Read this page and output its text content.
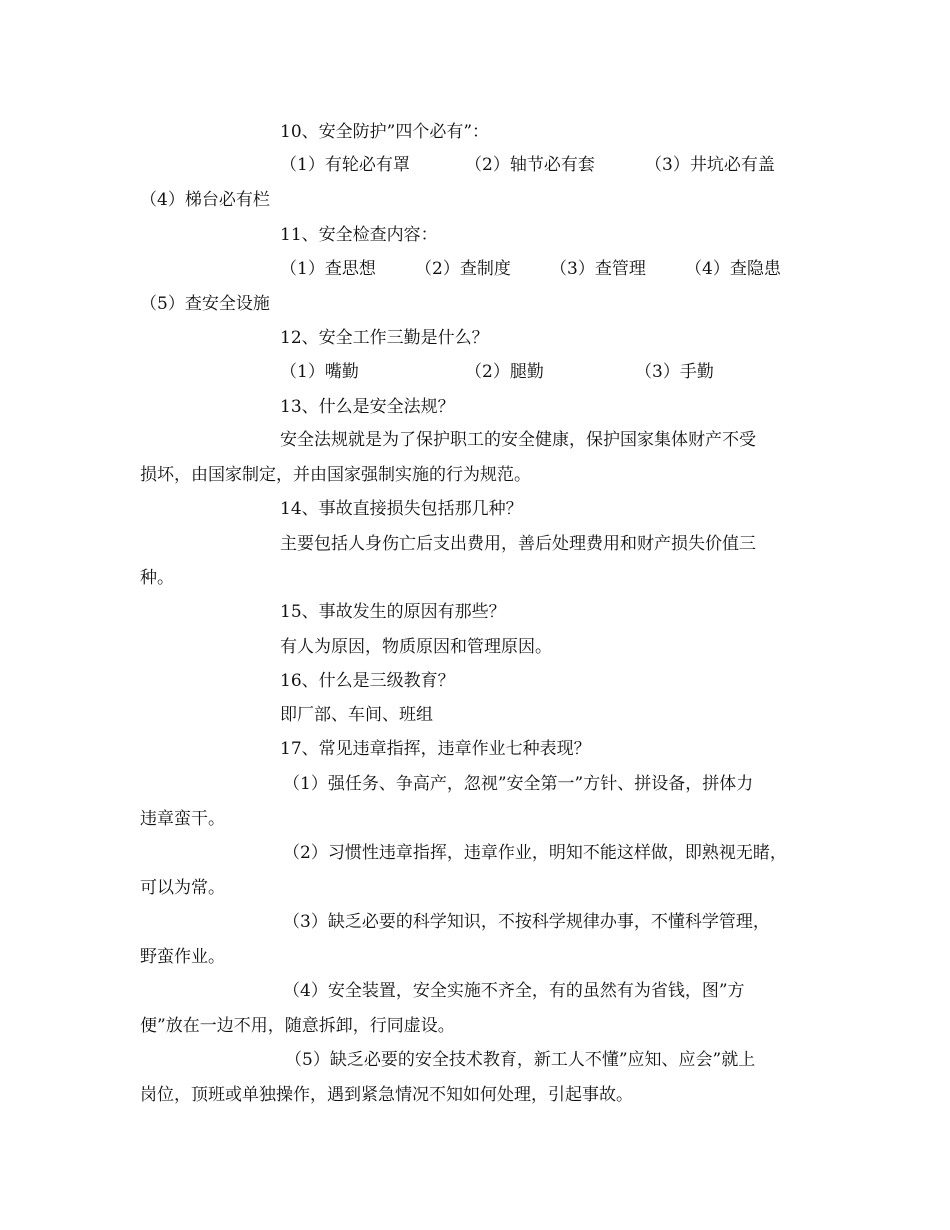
10、安全防护”四个必有”：
（1）有轮必有罩	（2）轴节必有套	（3）井坑必有盖
（4）梯台必有栏
11、安全检查内容：
（1）查思想 （2）查制度 （3）查管理 （4）查隐患
（5）查安全设施
12、安全工作三勤是什么？
（1）嘴勤	（2）腿勤	（3）手勤
13、什么是安全法规？
安全法规就是为了保护职工的安全健康，保护国家集体财产不受
损坏，由国家制定，并由国家强制实施的行为规范。
14、事故直接损失包括那几种？
主要包括人身伤亡后支出费用，善后处理费用和财产损失价值三
种。
15、事故发生的原因有那些？
有人为原因，物质原因和管理原因。
16、什么是三级教育？
即厂部、车间、班组
17、常见违章指挥，违章作业七种表现？
（1）强任务、争高产，忽视”安全第一”方针、拼设备，拼体力
违章蛮干。
（2）习惯性违章指挥，违章作业，明知不能这样做，即熟视无睹，
可以为常。
（3）缺乏必要的科学知识，不按科学规律办事，不懂科学管理，
野蛮作业。
（4）安全装置，安全实施不齐全，有的虽然有为省钱，图”方
便”放在一边不用，随意拆卸，行同虚设。
（5）缺乏必要的安全技术教育，新工人不懂”应知、应会”就上
岗位，顶班或单独操作，遇到紧急情况不知如何处理，引起事故。
